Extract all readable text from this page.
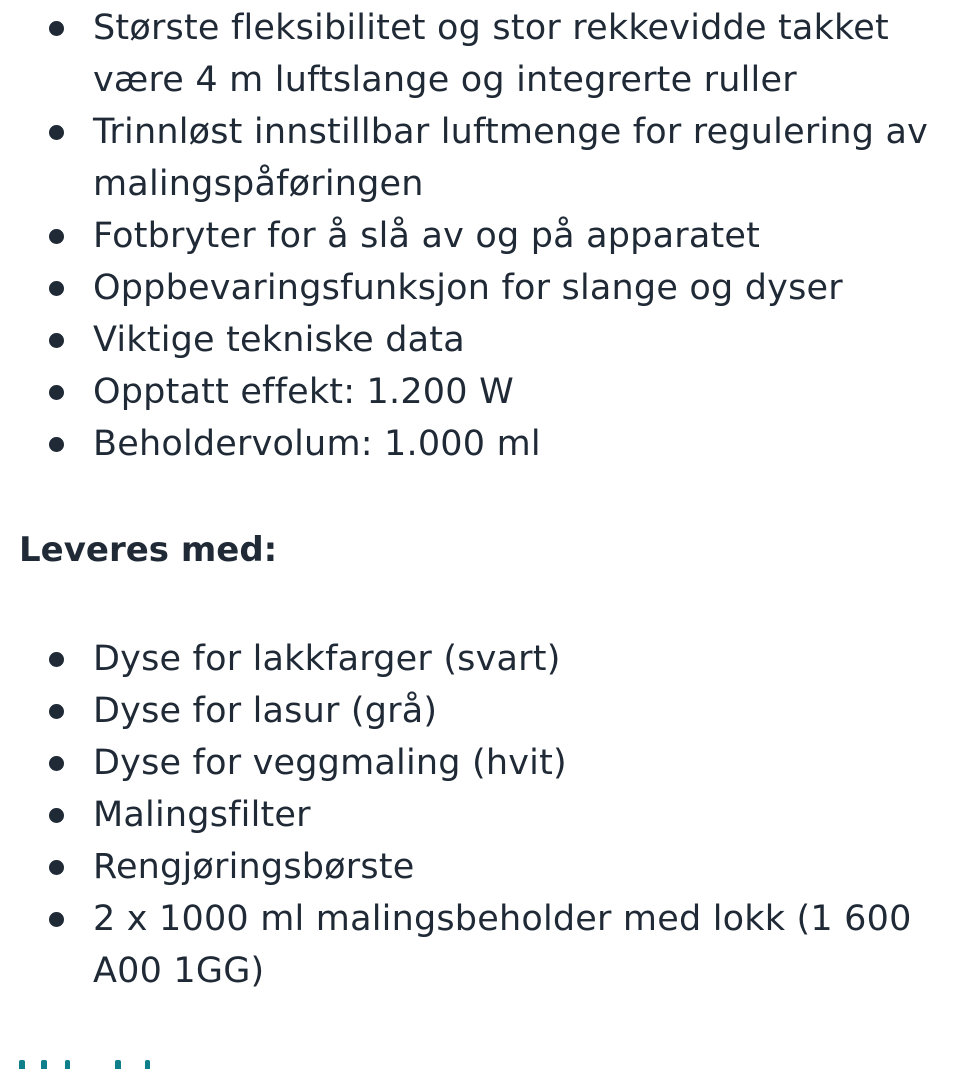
Største fleksibilitet og stor rekkevidde takket være 4 m luftslange og integrerte ruller
Trinnløst innstillbar luftmenge for regulering av malingspåføringen
Fotbryter for å slå av og på apparatet
Oppbevaringsfunksjon for slange og dyser
Viktige tekniske data
Opptatt effekt: 1.200 W
Beholdervolum: 1.000 ml
Leveres med:
Dyse for lakkfarger (svart)
Dyse for lasur (grå)
Dyse for veggmaling (hvit)
Malingsfilter
Rengjøringsbørste
2 x 1000 ml malingsbeholder med lokk (1 600 A00 1GG)
